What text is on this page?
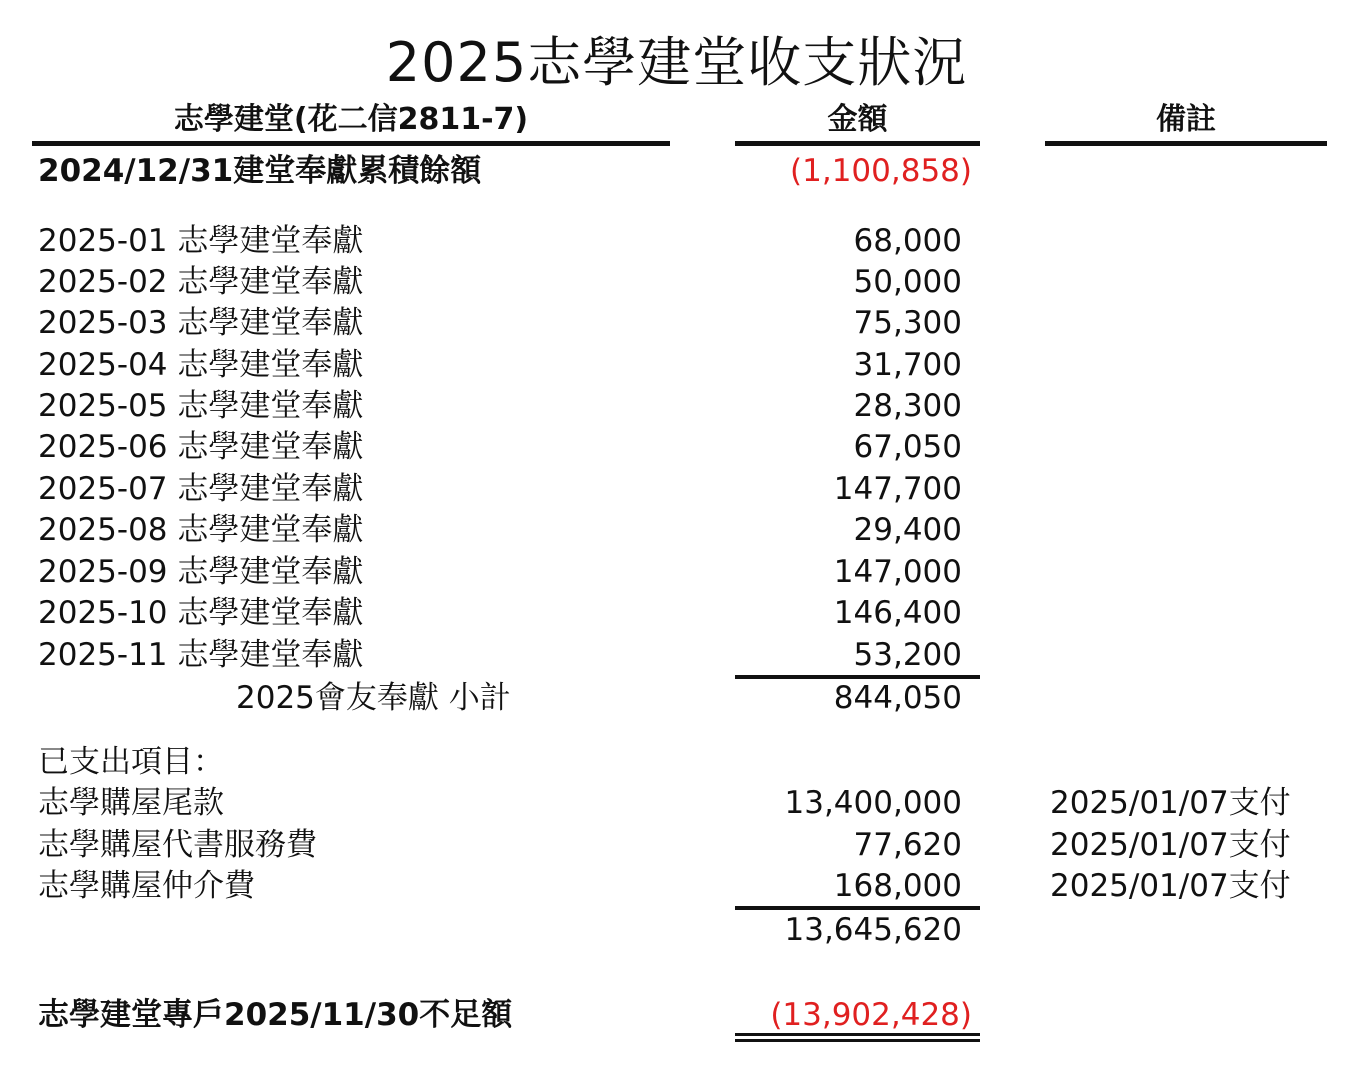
2025志學建堂收支狀況
志學建堂(花二信2811-7)	金額	備註
2024/12/31建堂奉獻累積餘額	(1,100,858)
2025-01 志學建堂奉獻	68,000
2025-02 志學建堂奉獻	50,000
2025-03 志學建堂奉獻	75,300
2025-04 志學建堂奉獻	31,700
2025-05 志學建堂奉獻	28,300
2025-06 志學建堂奉獻	67,050
2025-07 志學建堂奉獻	147,700
2025-08 志學建堂奉獻	29,400
2025-09 志學建堂奉獻	147,000
2025-10 志學建堂奉獻	146,400
2025-11 志學建堂奉獻	53,200
2025會友奉獻 小計	844,050
已支出項目：
志學購屋尾款	13,400,000	2025/01/07支付
志學購屋代書服務費	77,620	2025/01/07支付
志學購屋仲介費	168,000	2025/01/07支付
13,645,620
志學建堂專戶2025/11/30不足額	(13,902,428)
